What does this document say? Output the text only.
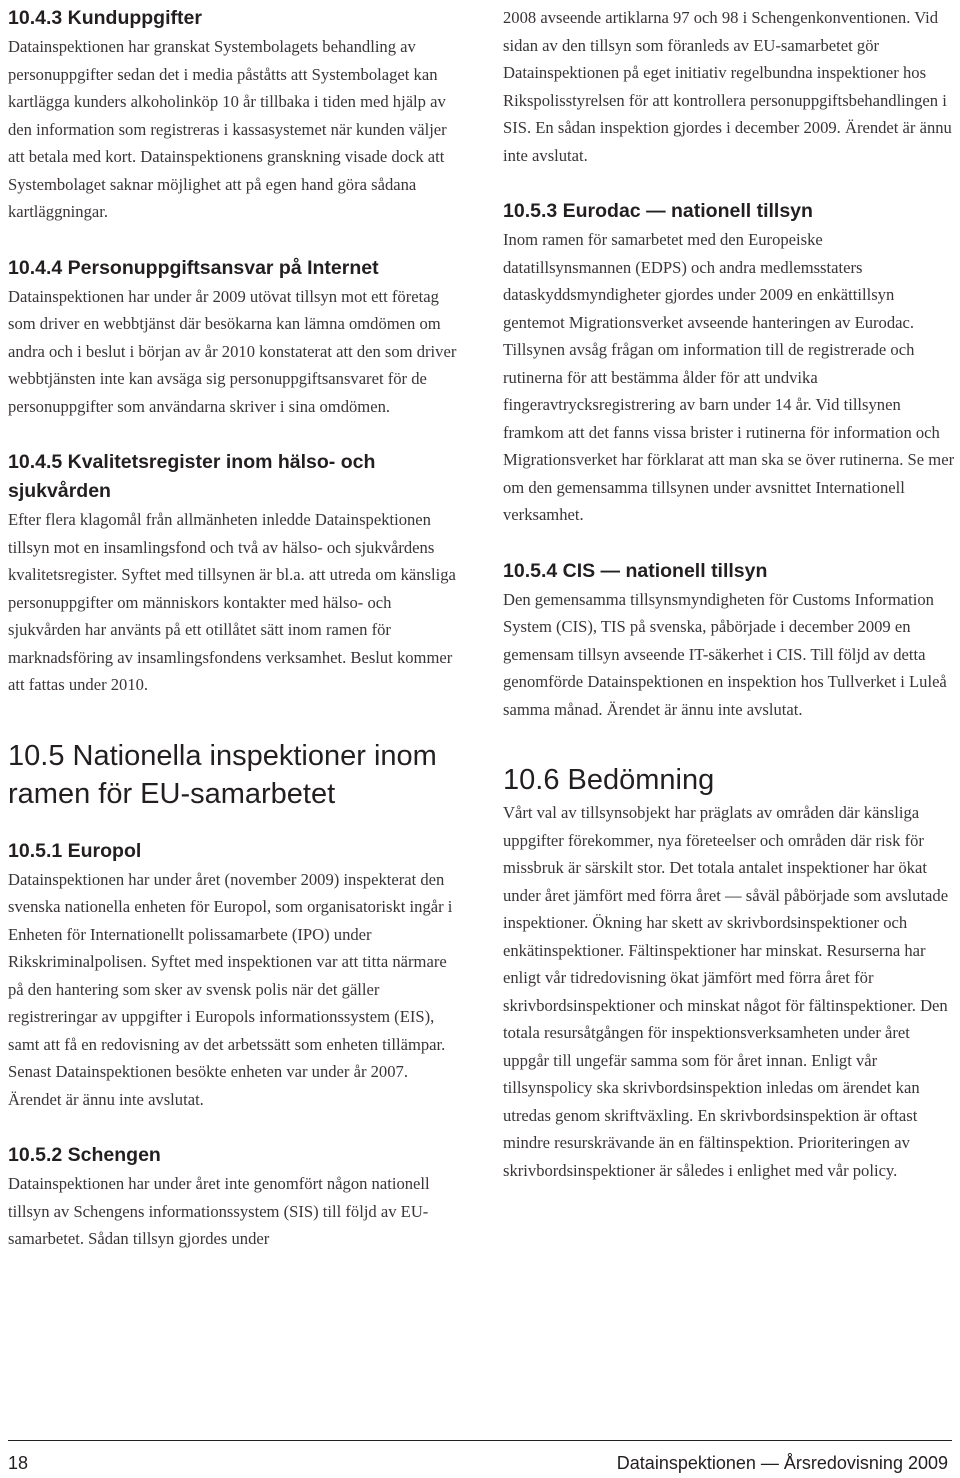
10.4.3 Kunduppgifter

Datainspektionen har granskat Systembolagets behandling av personuppgifter sedan det i media påståtts att Systembolaget kan kartlägga kunders alkoholinköp 10 år tillbaka i tiden med hjälp av den information som registreras i kassasystemet när kunden väljer att betala med kort. Datainspektionens granskning visade dock att Systembolaget saknar möjlighet att på egen hand göra sådana kartläggningar.

10.4.4 Personuppgiftsansvar på Internet

Datainspektionen har under år 2009 utövat tillsyn mot ett företag som driver en webbtjänst där besökarna kan lämna omdömen om andra och i beslut i början av år 2010 konstaterat att den som driver webbtjänsten inte kan avsäga sig personuppgiftsansvaret för de personuppgifter som användarna skriver i sina omdömen.

10.4.5 Kvalitetsregister inom hälso- och sjukvården

Efter flera klagomål från allmänheten inledde Datainspektionen tillsyn mot en insamlingsfond och två av hälso- och sjukvårdens kvalitetsregister. Syftet med tillsynen är bl.a. att utreda om känsliga personuppgifter om människors kontakter med hälso- och sjukvården har använts på ett otillåtet sätt inom ramen för marknadsföring av insamlingsfondens verksamhet. Beslut kommer att fattas under 2010.

10.5 Nationella inspektioner inom ramen för EU-samarbetet
10.5.1 Europol

Datainspektionen har under året (november 2009) inspekterat den svenska nationella enheten för Europol, som organisatoriskt ingår i Enheten för Internationellt polissamarbete (IPO) under Rikskriminalpolisen. Syftet med inspektionen var att titta närmare på den hantering som sker av svensk polis när det gäller registreringar av uppgifter i Europols informationssystem (EIS), samt att få en redovisning av det arbetssätt som enheten tillämpar. Senast Datainspektionen besökte enheten var under år 2007. Ärendet är ännu inte avslutat.

10.5.2 Schengen

Datainspektionen har under året inte genomfört någon nationell tillsyn av Schengens informationssystem (SIS) till följd av EU-samarbetet. Sådan tillsyn gjordes under

2008 avseende artiklarna 97 och 98 i Schengenkonventionen. Vid sidan av den tillsyn som föranleds av EU-samarbetet gör Datainspektionen på eget initiativ regelbundna inspektioner hos Rikspolisstyrelsen för att kontrollera personuppgiftsbehandlingen i SIS. En sådan inspektion gjordes i december 2009. Ärendet är ännu inte avslutat.

10.5.3 Eurodac — nationell tillsyn

Inom ramen för samarbetet med den Europeiske datatillsynsmannen (EDPS) och andra medlemsstaters dataskyddsmyndigheter gjordes under 2009 en enkättillsyn gentemot Migrationsverket avseende hanteringen av Eurodac. Tillsynen avsåg frågan om information till de registrerade och rutinerna för att bestämma ålder för att undvika fingeravtrycksregistrering av barn under 14 år. Vid tillsynen framkom att det fanns vissa brister i rutinerna för information och Migrationsverket har förklarat att man ska se över rutinerna. Se mer om den gemensamma tillsynen under avsnittet Internationell verksamhet.

10.5.4 CIS — nationell tillsyn

Den gemensamma tillsynsmyndigheten för Customs Information System (CIS), TIS på svenska, påbörjade i december 2009 en gemensam tillsyn avseende IT-säkerhet i CIS. Till följd av detta genomförde Datainspektionen en inspektion hos Tullverket i Luleå samma månad. Ärendet är ännu inte avslutat.

10.6 Bedömning

Vårt val av tillsynsobjekt har präglats av områden där känsliga uppgifter förekommer, nya företeelser och områden där risk för missbruk är särskilt stor. Det totala antalet inspektioner har ökat under året jämfört med förra året — såväl påbörjade som avslutade inspektioner. Ökning har skett av skrivbordsinspektioner och enkätinspektioner. Fältinspektioner har minskat. Resurserna har enligt vår tidredovisning ökat jämfört med förra året för skrivbordsinspektioner och minskat något för fältinspektioner. Den totala resursåtgången för inspektionsverksamheten under året uppgår till ungefär samma som för året innan. Enligt vår tillsynspolicy ska skrivbordsinspektion inledas om ärendet kan utredas genom skriftväxling. En skrivbordsinspektion är oftast mindre resurskrävande än en fältinspektion. Prioriteringen av skrivbordsinspektioner är således i enlighet med vår policy.

18	Datainspektionen — Årsredovisning 2009
